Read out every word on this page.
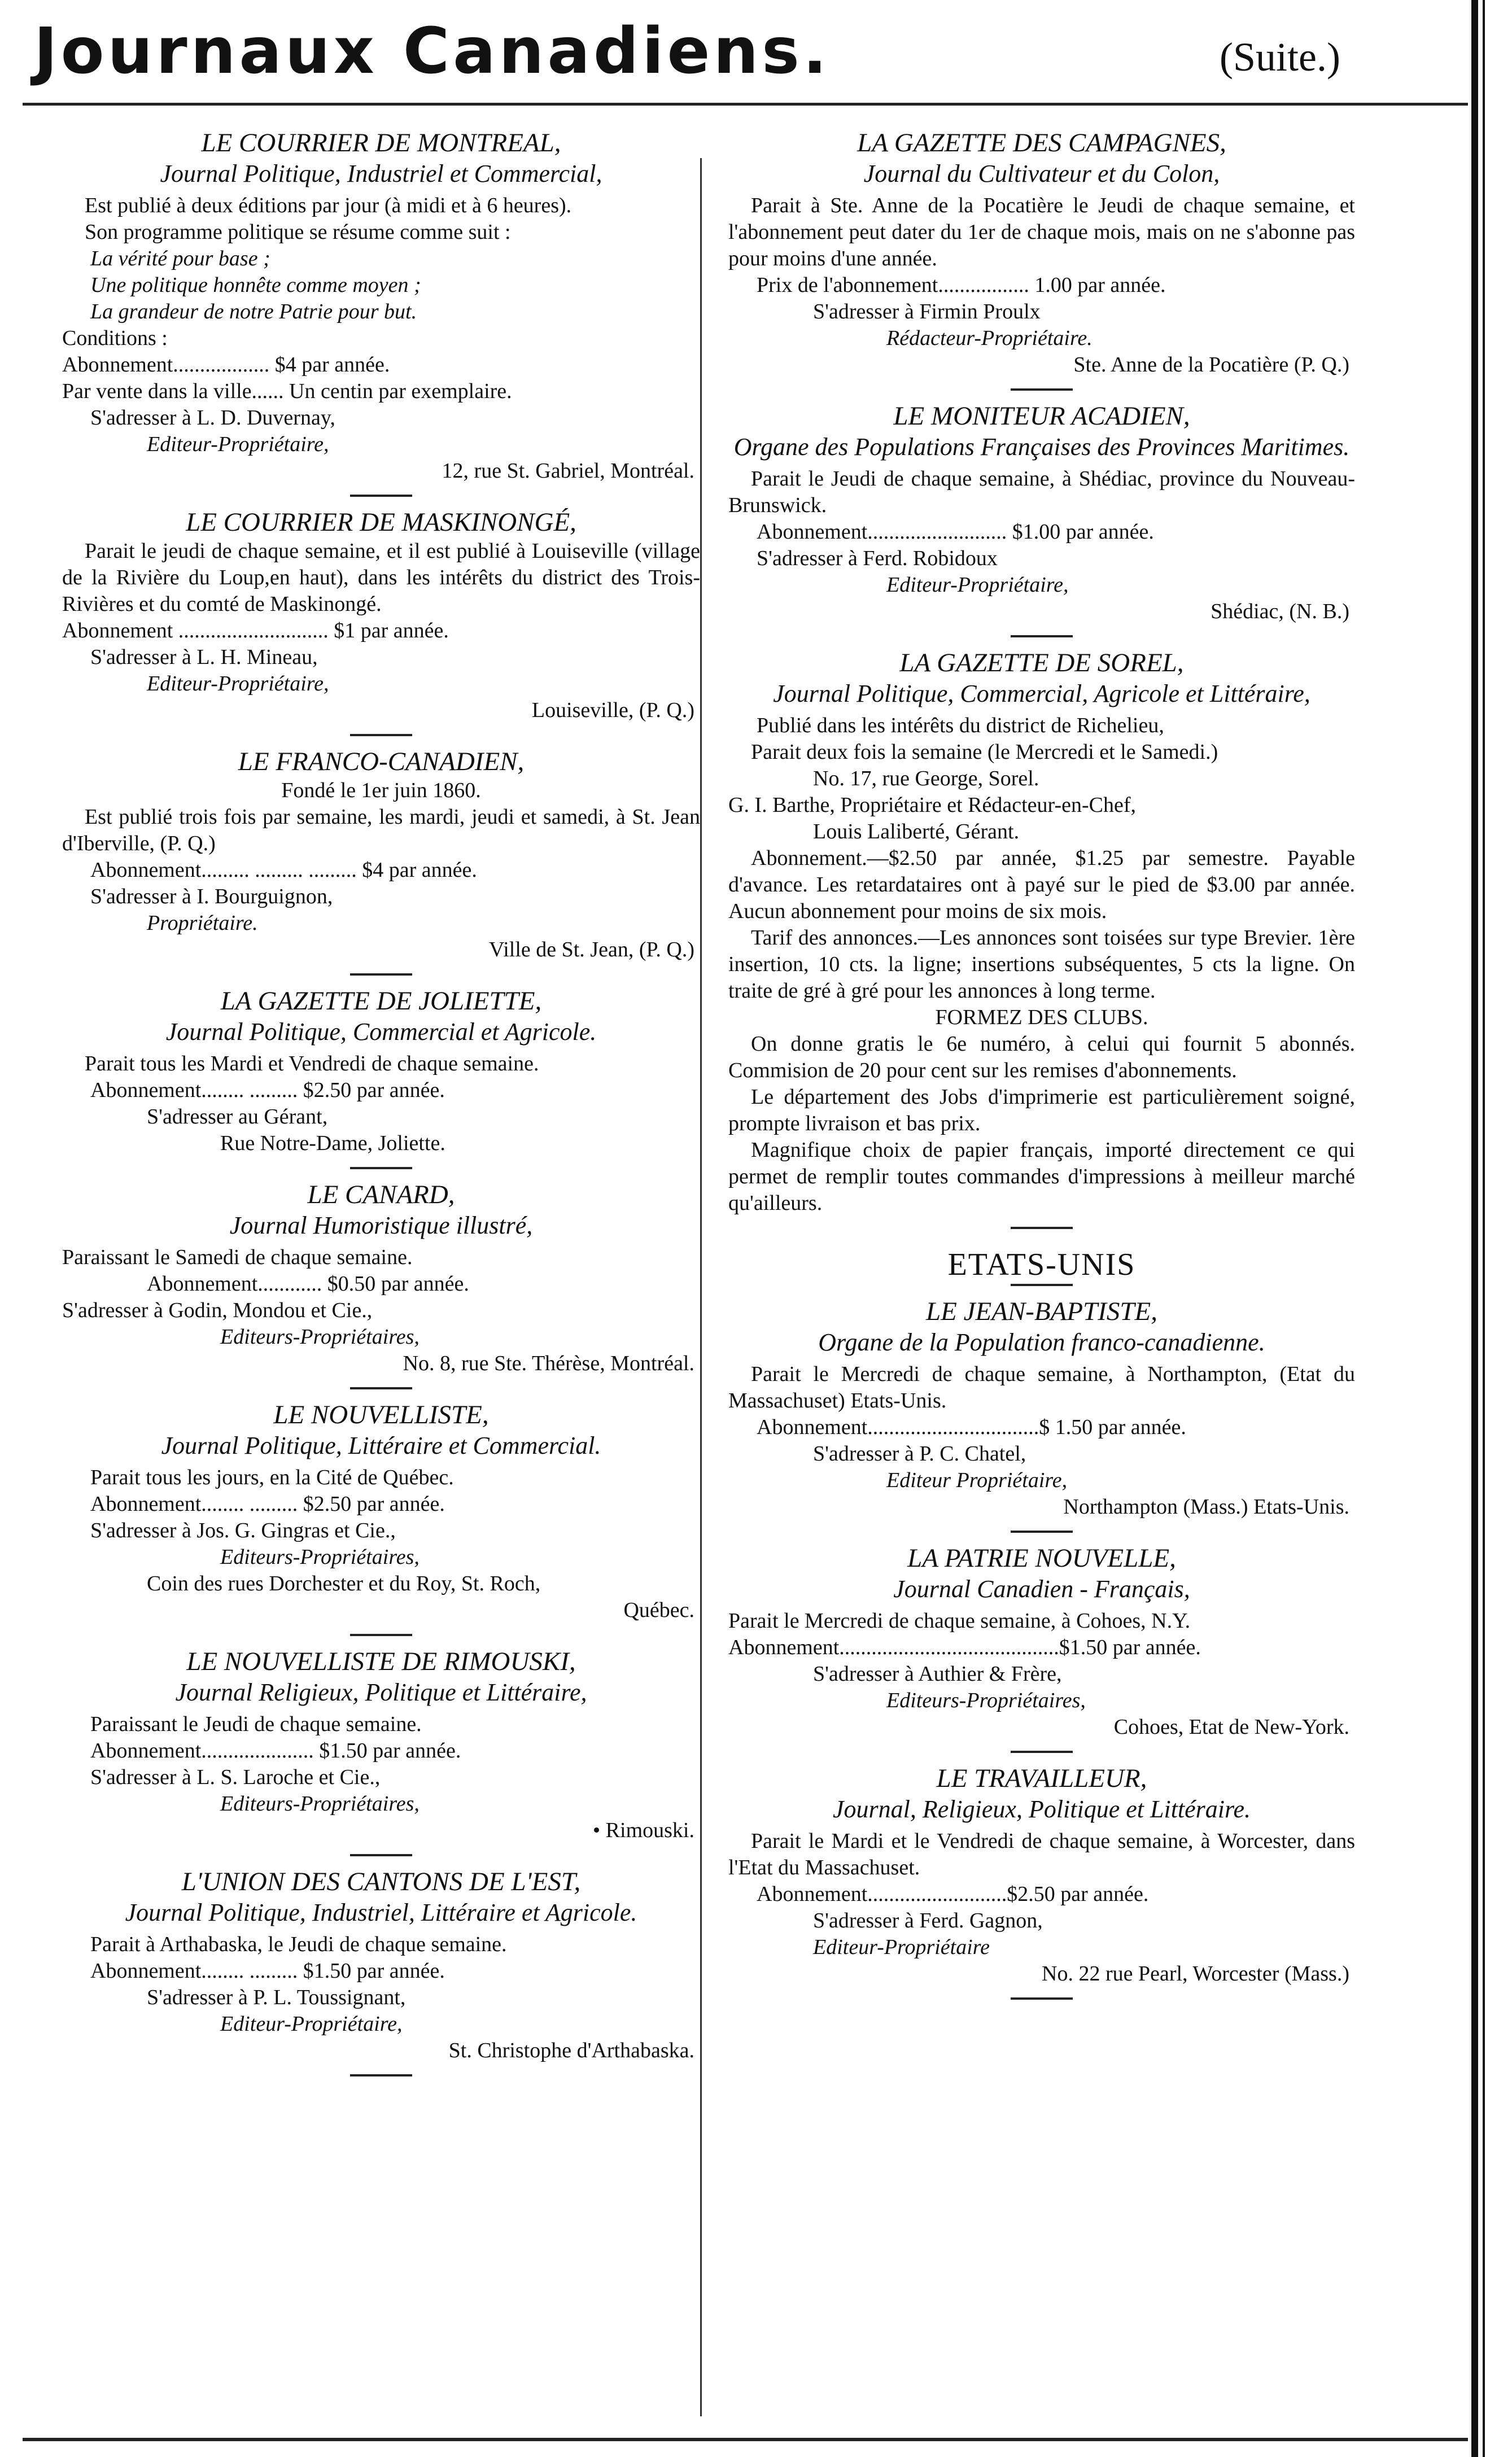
Journaux Canadiens.	(Suite.)
LE COURRIER DE MONTREAL,
Journal Politique, Industriel et Commercial,
Est publié à deux éditions par jour (à midi et à 6 heures).
Son programme politique se résume comme suit :
La vérité pour base ;
Une politique honnête comme moyen ;
La grandeur de notre Patrie pour but.
Conditions :
Abonnement.................. $4 par année.
Par vente dans la ville...... Un centin par exemplaire.
S'adresser à L. D. Duvernay,
Editeur-Propriétaire,
12, rue St. Gabriel, Montréal.
LE COURRIER DE MASKINONGÉ,
Parait le jeudi de chaque semaine, et il est publié à Louiseville (village de la Rivière du Loup,en haut), dans les intérêts du district des Trois-Rivières et du comté de Maskinongé.
Abonnement ............................ $1 par année.
S'adresser à L. H. Mineau,
Editeur-Propriétaire,
Louiseville, (P. Q.)
LE FRANCO-CANADIEN,
Fondé le 1er juin 1860.
Est publié trois fois par semaine, les mardi, jeudi et samedi, à St. Jean d'Iberville, (P. Q.)
Abonnement......... ......... ......... $4 par année.
S'adresser à I. Bourguignon,
Propriétaire.
Ville de St. Jean, (P. Q.)
LA GAZETTE DE JOLIETTE,
Journal Politique, Commercial et Agricole.
Parait tous les Mardi et Vendredi de chaque semaine.
Abonnement........ ......... $2.50 par année.
S'adresser au Gérant,
Rue Notre-Dame, Joliette.
LE CANARD,
Journal Humoristique illustré,
Paraissant le Samedi de chaque semaine.
Abonnement............ $0.50 par année.
S'adresser à Godin, Mondou et Cie.,
Editeurs-Propriétaires,
No. 8, rue Ste. Thérèse, Montréal.
LE NOUVELLISTE,
Journal Politique, Littéraire et Commercial.
Parait tous les jours, en la Cité de Québec.
Abonnement........ ......... $2.50 par année.
S'adresser à Jos. G. Gingras et Cie.,
Editeurs-Propriétaires,
Coin des rues Dorchester et du Roy, St. Roch,
Québec.
LE NOUVELLISTE DE RIMOUSKI,
Journal Religieux, Politique et Littéraire,
Paraissant le Jeudi de chaque semaine.
Abonnement..................... $1.50 par année.
S'adresser à L. S. Laroche et Cie.,
Editeurs-Propriétaires,
• Rimouski.
L'UNION DES CANTONS DE L'EST,
Journal Politique, Industriel, Littéraire et Agricole.
Parait à Arthabaska, le Jeudi de chaque semaine.
Abonnement........ ......... $1.50 par année.
S'adresser à P. L. Toussignant,
Editeur-Propriétaire,
St. Christophe d'Arthabaska.
LA GAZETTE DES CAMPAGNES,
Journal du Cultivateur et du Colon,
Parait à Ste. Anne de la Pocatière le Jeudi de chaque semaine, et l'abonnement peut dater du 1er de chaque mois, mais on ne s'abonne pas pour moins d'une année.
Prix de l'abonnement................. 1.00 par année.
S'adresser à Firmin Proulx
Rédacteur-Propriétaire.
Ste. Anne de la Pocatière (P. Q.)
LE MONITEUR ACADIEN,
Organe des Populations Françaises des Provinces Maritimes.
Parait le Jeudi de chaque semaine, à Shédiac, province du Nouveau-Brunswick.
Abonnement.......................... $1.00 par année.
S'adresser à Ferd. Robidoux
Editeur-Propriétaire,
Shédiac, (N. B.)
LA GAZETTE DE SOREL,
Journal Politique, Commercial, Agricole et Littéraire,
Publié dans les intérêts du district de Richelieu,
Parait deux fois la semaine (le Mercredi et le Samedi.)
No. 17, rue George, Sorel.
G. I. Barthe, Propriétaire et Rédacteur-en-Chef,
Louis Laliberté, Gérant.
Abonnement.—$2.50 par année, $1.25 par semestre. Payable d'avance. Les retardataires ont à payé sur le pied de $3.00 par année. Aucun abonnement pour moins de six mois.
Tarif des annonces.—Les annonces sont toisées sur type Brevier. 1ère insertion, 10 cts. la ligne; insertions subséquentes, 5 cts la ligne. On traite de gré à gré pour les annonces à long terme.
FORMEZ DES CLUBS.
On donne gratis le 6e numéro, à celui qui fournit 5 abonnés. Commision de 20 pour cent sur les remises d'abonnements.
Le département des Jobs d'imprimerie est particulièrement soigné, prompte livraison et bas prix.
Magnifique choix de papier français, importé directement ce qui permet de remplir toutes commandes d'impressions à meilleur marché qu'ailleurs.
ETATS-UNIS
LE JEAN-BAPTISTE,
Organe de la Population franco-canadienne.
Parait le Mercredi de chaque semaine, à Northampton, (Etat du Massachuset) Etats-Unis.
Abonnement................................$ 1.50 par année.
S'adresser à P. C. Chatel,
Editeur Propriétaire,
Northampton (Mass.) Etats-Unis.
LA PATRIE NOUVELLE,
Journal Canadien - Français,
Parait le Mercredi de chaque semaine, à Cohoes, N.Y.
Abonnement.........................................$1.50 par année.
S'adresser à Authier & Frère,
Editeurs-Propriétaires,
Cohoes, Etat de New-York.
LE TRAVAILLEUR,
Journal, Religieux, Politique et Littéraire.
Parait le Mardi et le Vendredi de chaque semaine, à Worcester, dans l'Etat du Massachuset.
Abonnement..........................$2.50 par année.
S'adresser à Ferd. Gagnon,
Editeur-Propriétaire
No. 22 rue Pearl, Worcester (Mass.)
